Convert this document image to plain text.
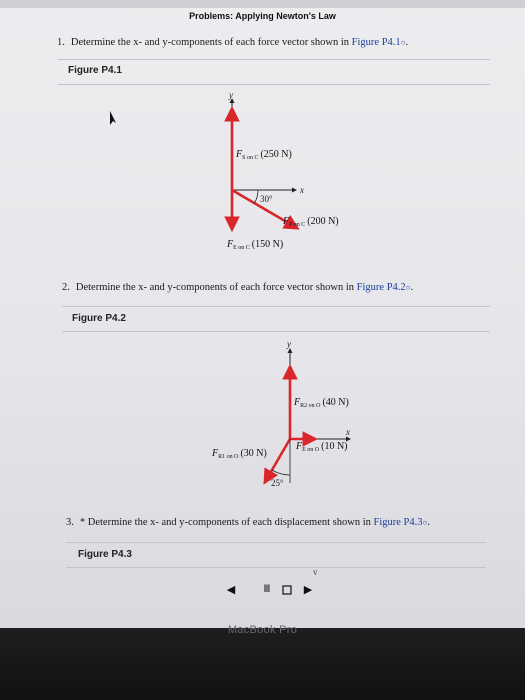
Problems: Applying Newton's Law
1. Determine the x- and y-components of each force vector shown in Figure P4.1○.
Figure P4.1
y
x
30°
$F_{S on C}$ (250 N)
$F_{P on C}$ (200 N)
$F_{E on C}$ (150 N)
2. Determine the x- and y-components of each force vector shown in Figure P4.2○.
Figure P4.2
y
x
25°
$F_{R2 on O}$ (40 N)
$F_{E on O}$ (10 N)
$F_{R1 on O}$ (30 N)
3. * Determine the x- and y-components of each displacement shown in Figure P4.3○.
Figure P4.3
v
◀	Ⅲ	▶
MacBook Pro
